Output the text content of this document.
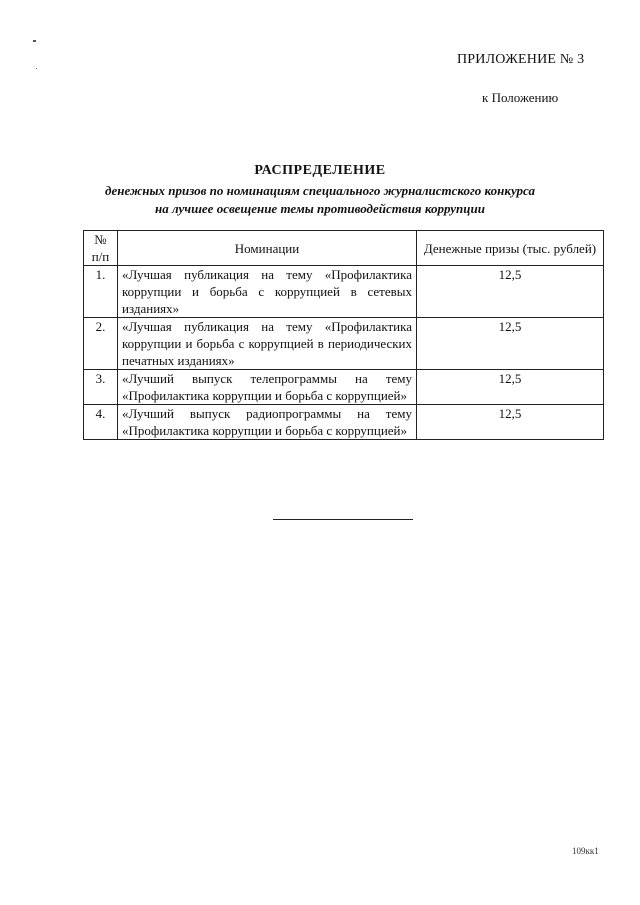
ПРИЛОЖЕНИЕ № 3
к Положению
РАСПРЕДЕЛЕНИЕ
денежных призов по номинациям специального журналистского конкурса
на лучшее освещение темы противодействия коррупции
№ п/п	Номинации	Денежные призы (тыс. рублей)
1.	«Лучшая публикация на тему «Профилактика коррупции и борьба с коррупцией в сетевых изданиях»	12,5
2.	«Лучшая публикация на тему «Профилактика коррупции и борьба с коррупцией в периодических печатных изданиях»	12,5
3.	«Лучший выпуск телепрограммы на тему «Профилактика коррупции и борьба с коррупцией»	12,5
4.	«Лучший выпуск радиопрограммы на тему «Профилактика коррупции и борьба с коррупцией»	12,5
109кк1
